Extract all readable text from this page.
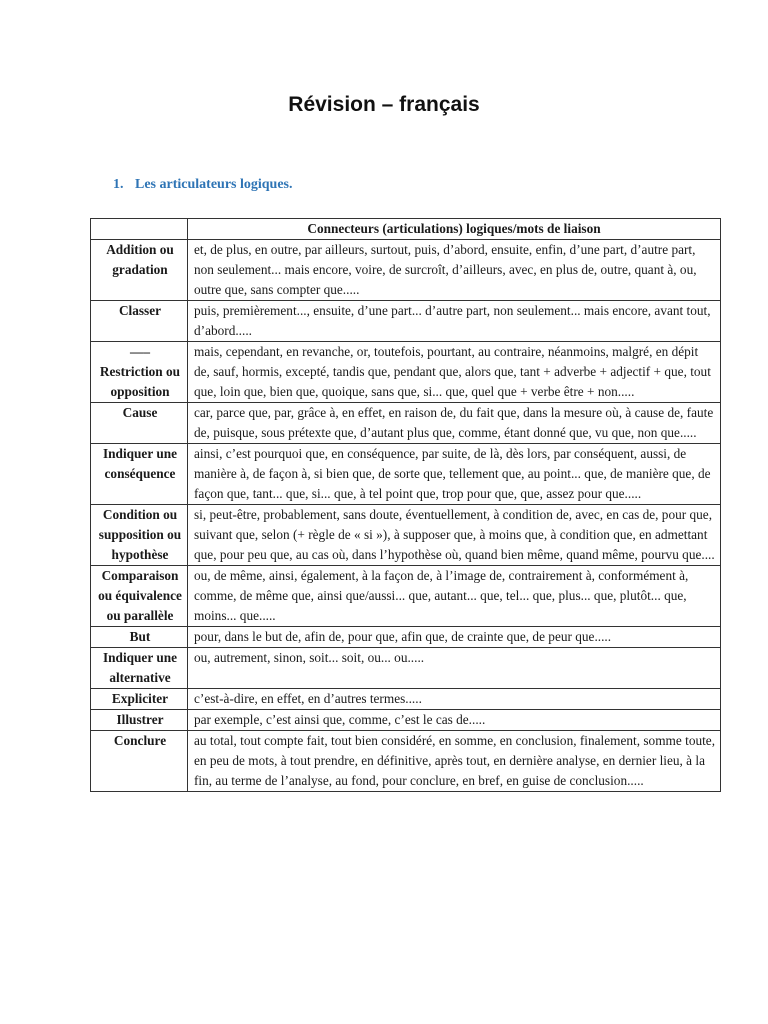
Révision – français
1. Les articulateurs logiques.
	Connecteurs (articulations) logiques/mots de liaison
Addition ou gradation	et, de plus, en outre, par ailleurs, surtout, puis, d’abord, ensuite, enfin, d’une part, d’autre part, non seulement... mais encore, voire, de surcroît, d’ailleurs, avec, en plus de, outre, quant à, ou, outre que, sans compter que.....
Classer	puis, premièrement..., ensuite, d’une part... d’autre part, non seulement... mais encore, avant tout, d’abord.....
—– Restriction ou opposition	mais, cependant, en revanche, or, toutefois, pourtant, au contraire, néanmoins, malgré, en dépit de, sauf, hormis, excepté, tandis que, pendant que, alors que, tant + adverbe + adjectif + que, tout que, loin que, bien que, quoique, sans que, si... que, quel que + verbe être + non.....
Cause	car, parce que, par, grâce à, en effet, en raison de, du fait que, dans la mesure où, à cause de, faute de, puisque, sous prétexte que, d’autant plus que, comme, étant donné que, vu que, non que.....
Indiquer une conséquence	ainsi, c’est pourquoi que, en conséquence, par suite, de là, dès lors, par conséquent, aussi, de manière à, de façon à, si bien que, de sorte que, tellement que, au point... que, de manière que, de façon que, tant... que, si... que, à tel point que, trop pour que, que, assez pour que.....
Condition ou supposition ou hypothèse	si, peut-être, probablement, sans doute, éventuellement, à condition de, avec, en cas de, pour que, suivant que, selon (+ règle de « si »), à supposer que, à moins que, à condition que, en admettant que, pour peu que, au cas où, dans l’hypothèse où, quand bien même, quand même, pourvu que....
Comparaison ou équivalence ou parallèle	ou, de même, ainsi, également, à la façon de, à l’image de, contrairement à, conformément à, comme, de même que, ainsi que/aussi... que, autant... que, tel... que, plus... que, plutôt... que, moins... que.....
But	pour, dans le but de, afin de, pour que, afin que, de crainte que, de peur que.....
Indiquer une alternative	ou, autrement, sinon, soit... soit, ou... ou.....
Expliciter	c’est-à-dire, en effet, en d’autres termes.....
Illustrer	par exemple, c’est ainsi que, comme, c’est le cas de.....
Conclure	au total, tout compte fait, tout bien considéré, en somme, en conclusion, finalement, somme toute, en peu de mots, à tout prendre, en définitive, après tout, en dernière analyse, en dernier lieu, à la fin, au terme de l’analyse, au fond, pour conclure, en bref, en guise de conclusion.....
